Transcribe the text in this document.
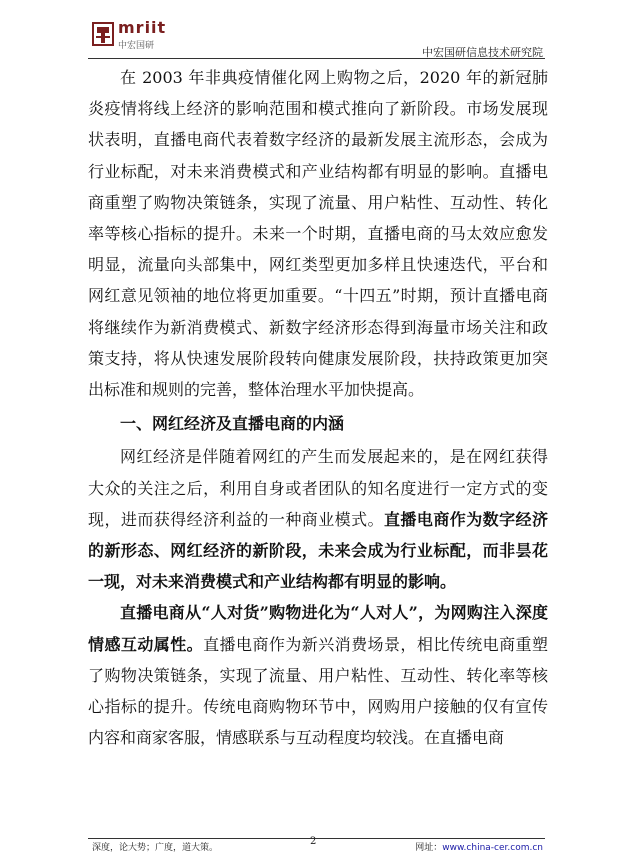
mriit
中宏国研	中宏国研信息技术研究院

在 2003 年非典疫情催化网上购物之后，2020 年的新冠肺炎疫情将线上经济的影响范围和模式推向了新阶段。市场发展现状表明，直播电商代表着数字经济的最新发展主流形态，会成为行业标配，对未来消费模式和产业结构都有明显的影响。直播电商重塑了购物决策链条，实现了流量、用户粘性、互动性、转化率等核心指标的提升。未来一个时期，直播电商的马太效应愈发明显，流量向头部集中，网红类型更加多样且快速迭代，平台和网红意见领袖的地位将更加重要。“十四五”时期，预计直播电商将继续作为新消费模式、新数字经济形态得到海量市场关注和政策支持，将从快速发展阶段转向健康发展阶段，扶持政策更加突出标准和规则的完善，整体治理水平加快提高。

一、网红经济及直播电商的内涵

网红经济是伴随着网红的产生而发展起来的，是在网红获得大众的关注之后，利用自身或者团队的知名度进行一定方式的变现，进而获得经济利益的一种商业模式。直播电商作为数字经济的新形态、网红经济的新阶段，未来会成为行业标配，而非昙花一现，对未来消费模式和产业结构都有明显的影响。

直播电商从“人对货”购物进化为“人对人”，为网购注入深度情感互动属性。直播电商作为新兴消费场景，相比传统电商重塑了购物决策链条，实现了流量、用户粘性、互动性、转化率等核心指标的提升。传统电商购物环节中，网购用户接触的仅有宣传内容和商家客服，情感联系与互动程度均较浅。在直播电商

深度，论大势；广度，道大策。
2
网址：www.china-cer.com.cn
